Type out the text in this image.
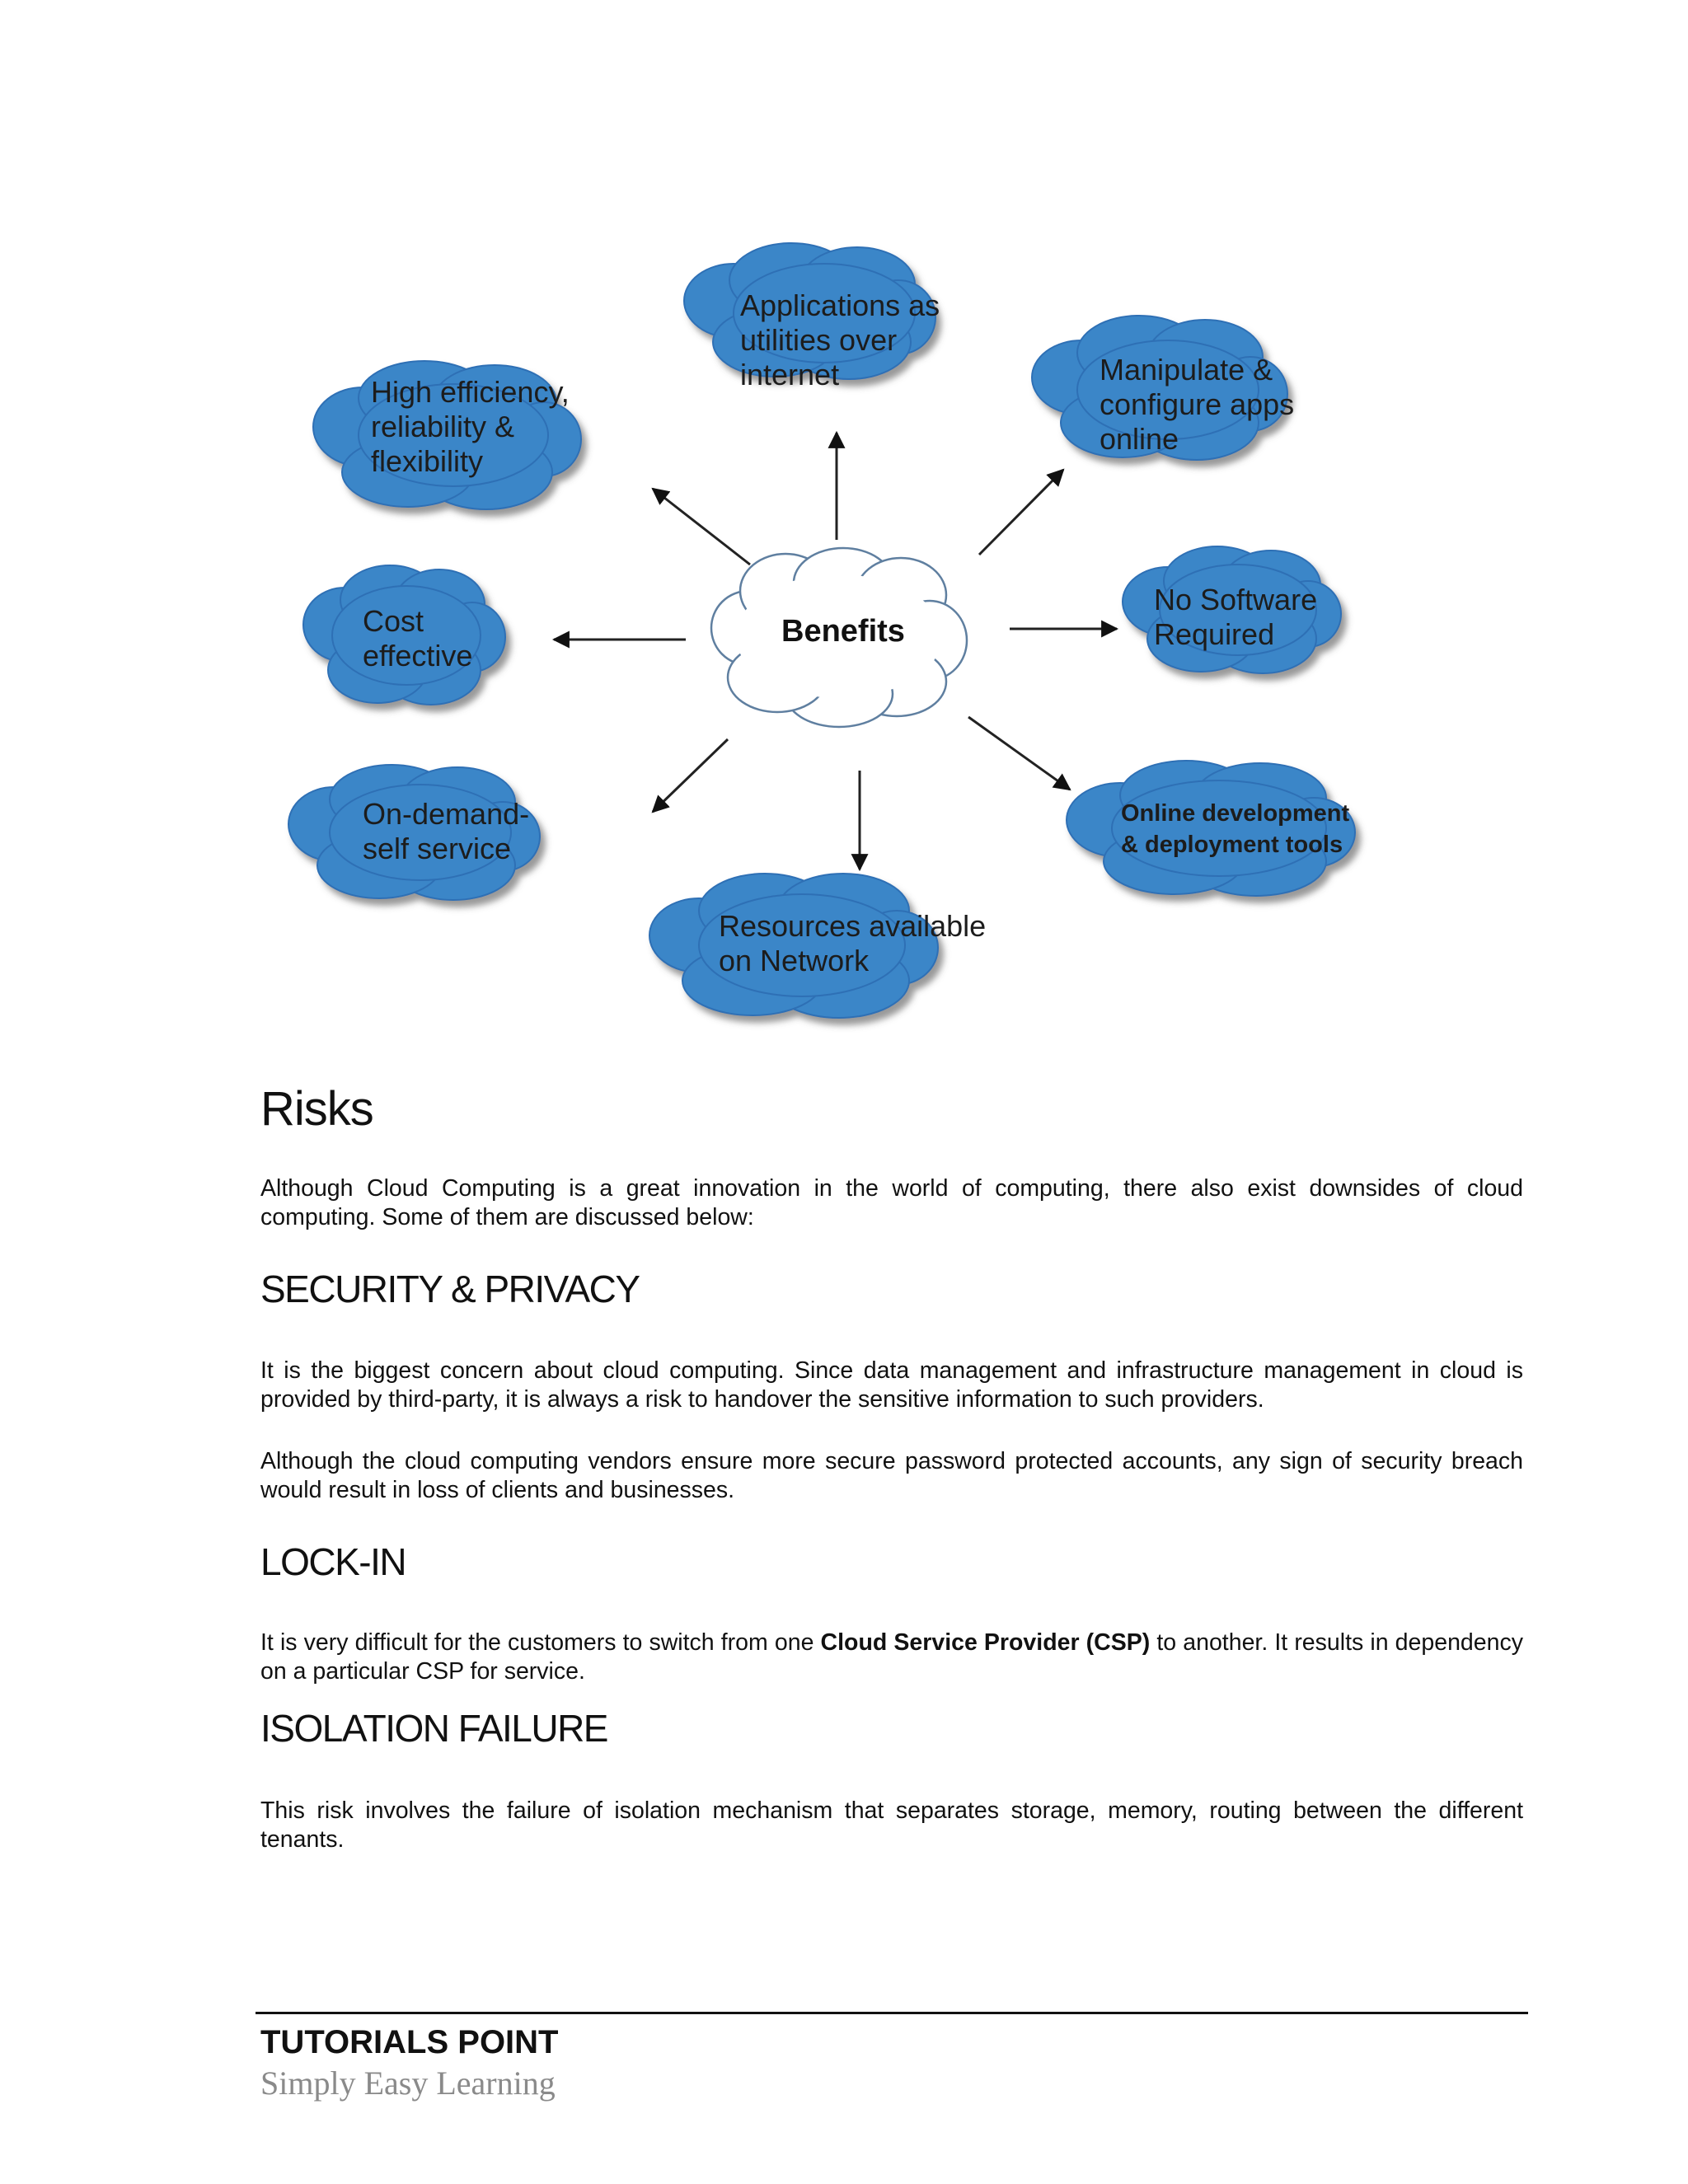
Applications as
utilities over
internet	Manipulate &
configure apps
online
No Software
Required
Online development
& deployment tools
Resources available
on Network
On-demand-
self service
Cost
effective
High efficiency,
reliability &
flexibility
Benefits
Risks

Although Cloud Computing is a great innovation in the world of computing, there also exist downsides of cloud computing. Some of them are discussed below:

SECURITY & PRIVACY

It is the biggest concern about cloud computing. Since data management and infrastructure management in cloud is provided by third-party, it is always a risk to handover the sensitive information to such providers.

Although the cloud computing vendors ensure more secure password protected accounts, any sign of security breach would result in loss of clients and businesses.

LOCK-IN

It is very difficult for the customers to switch from one Cloud Service Provider (CSP) to another. It results in dependency on a particular CSP for service.

ISOLATION FAILURE

This risk involves the failure of isolation mechanism that separates storage, memory, routing between the different tenants.

TUTORIALS POINT
Simply Easy Learning
